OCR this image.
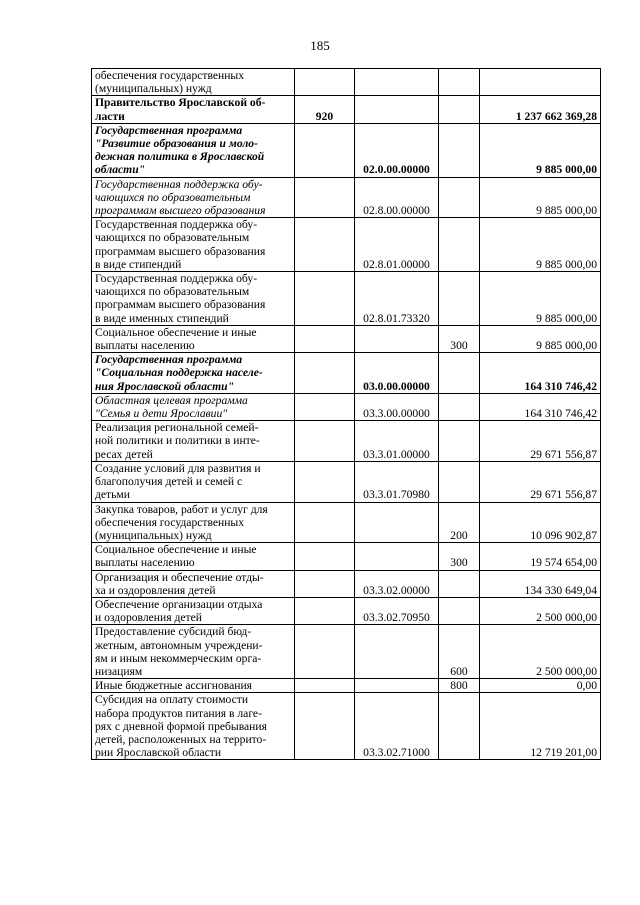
185
обеспечения государственных
(муниципальных) нужд				

Правительство Ярославской об-
ласти	920			1 237 662 369,28

Государственная программа
"Развитие образования и моло-
дежная политика в Ярославской
области"		02.0.00.00000		9 885 000,00

Государственная поддержка обу-
чающихся по образовательным
программам высшего образования		02.8.00.00000		9 885 000,00

Государственная поддержка обу-
чающихся по образовательным
программам высшего образования
в виде стипендий		02.8.01.00000		9 885 000,00

Государственная поддержка обу-
чающихся по образовательным
программам высшего образования
в виде именных стипендий		02.8.01.73320		9 885 000,00

Социальное обеспечение и иные
выплаты населению			300	9 885 000,00

Государственная программа
"Социальная поддержка населе-
ния Ярославской области"		03.0.00.00000		164 310 746,42

Областная целевая программа
"Семья и дети Ярославии"		03.3.00.00000		164 310 746,42

Реализация региональной семей-
ной политики и политики в инте-
ресах детей		03.3.01.00000		29 671 556,87

Создание условий для развития и
благополучия детей и семей с
детьми		03.3.01.70980		29 671 556,87

Закупка товаров, работ и услуг для
обеспечения государственных
(муниципальных) нужд			200	10 096 902,87

Социальное обеспечение и иные
выплаты населению			300	19 574 654,00

Организация и обеспечение отды-
ха и оздоровления детей		03.3.02.00000		134 330 649,04

Обеспечение организации отдыха
и оздоровления детей		03.3.02.70950		2 500 000,00

Предоставление субсидий бюд-
жетным, автономным учреждени-
ям и иным некоммерческим орга-
низациям			600	2 500 000,00

Иные бюджетные ассигнования			800	0,00

Субсидия на оплату стоимости
набора продуктов питания в лаге-
рях с дневной формой пребывания
детей, расположенных на террито-
рии Ярославской области		03.3.02.71000		12 719 201,00
